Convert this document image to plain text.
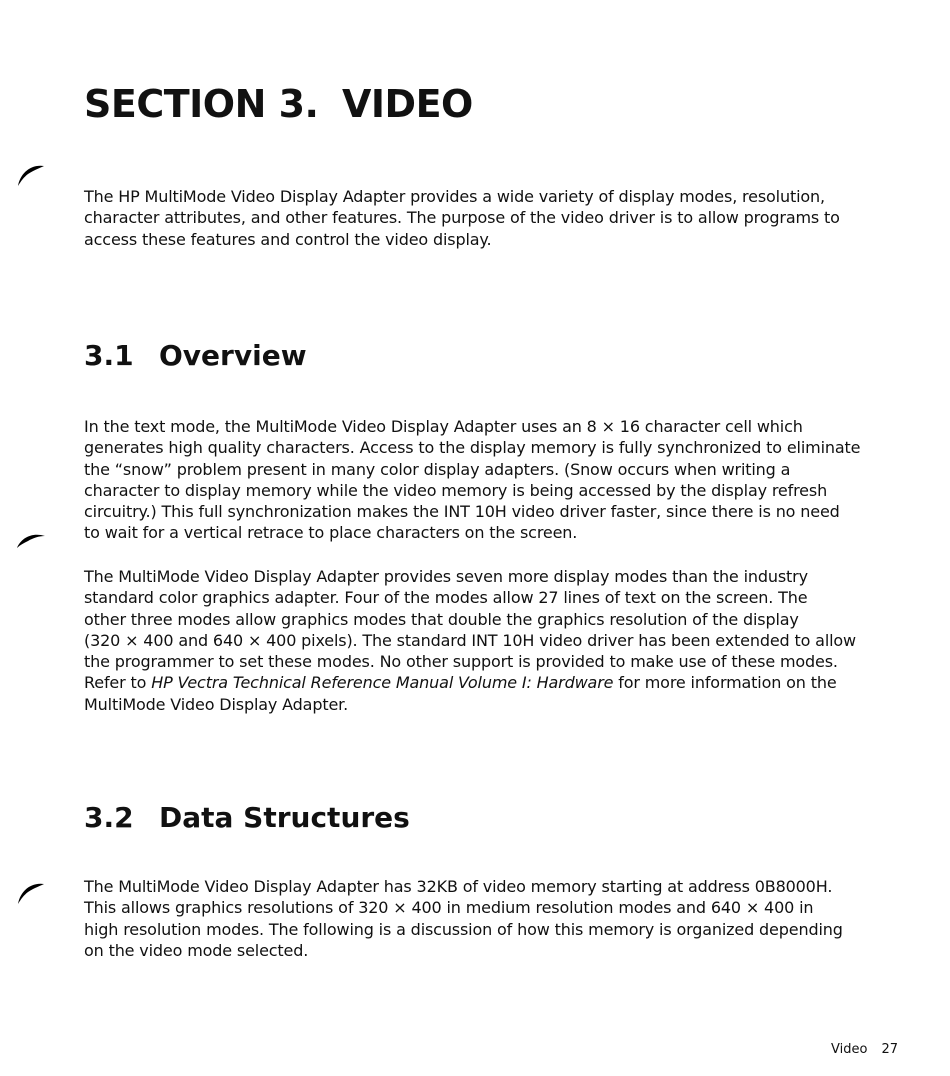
SECTION 3. VIDEO
The HP MultiMode Video Display Adapter provides a wide variety of display modes, resolution,
character attributes, and other features. The purpose of the video driver is to allow programs to
access these features and control the video display.
3.1 Overview
In the text mode, the MultiMode Video Display Adapter uses an 8 × 16 character cell which
generates high quality characters. Access to the display memory is fully synchronized to eliminate
the “snow” problem present in many color display adapters. (Snow occurs when writing a
character to display memory while the video memory is being accessed by the display refresh
circuitry.) This full synchronization makes the INT 10H video driver faster, since there is no need
to wait for a vertical retrace to place characters on the screen.
The MultiMode Video Display Adapter provides seven more display modes than the industry
standard color graphics adapter. Four of the modes allow 27 lines of text on the screen. The
other three modes allow graphics modes that double the graphics resolution of the display
(320 × 400 and 640 × 400 pixels). The standard INT 10H video driver has been extended to allow
the programmer to set these modes. No other support is provided to make use of these modes.
Refer to HP Vectra Technical Reference Manual Volume I: Hardware for more information on the
MultiMode Video Display Adapter.
3.2 Data Structures
The MultiMode Video Display Adapter has 32KB of video memory starting at address 0B8000H.
This allows graphics resolutions of 320 × 400 in medium resolution modes and 640 × 400 in
high resolution modes. The following is a discussion of how this memory is organized depending
on the video mode selected.
Video 27
